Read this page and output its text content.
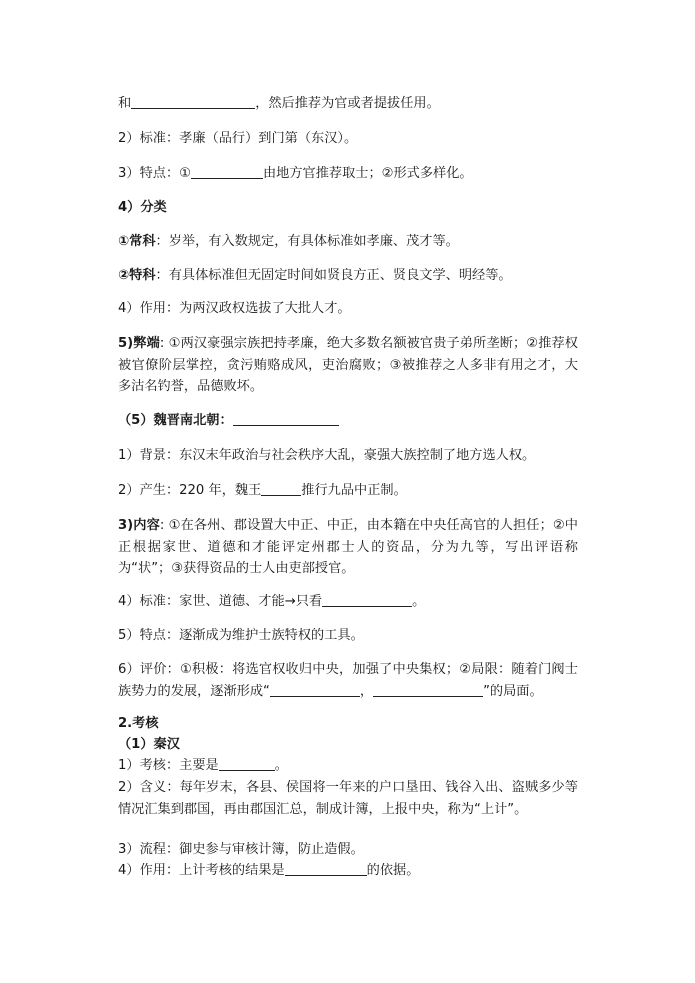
和	，然后推荐为官或者提拔任用。
2）标准：孝廉（品行）到门第（东汉）。
3）特点：①	由地方官推荐取士；②形式多样化。
4）分类
①常科：岁举，有入数规定，有具体标准如孝廉、茂才等。
②特科：有具体标准但无固定时间如贤良方正、贤良文学、明经等。
4）作用：为两汉政权选拔了大批人才。
5)弊端: ①两汉豪强宗族把持孝廉，绝大多数名额被官贵子弟所垄断；②推荐权被官僚阶层掌控，贪污贿赂成风，吏治腐败；③被推荐之人多非有用之才，大多沽名钓誉，品德败坏。
（5）魏晋南北朝：
1）背景：东汉末年政治与社会秩序大乱，豪强大族控制了地方选人权。
2）产生：220 年，魏王	推行九品中正制。
3)内容: ①在各州、郡设置大中正、中正，由本籍在中央任高官的人担任；②中正根据家世、道德和才能评定州郡士人的资品，分为九等，写出评语称为“状”；③获得资品的士人由吏部授官。
4）标准：家世、道德、才能→只看	。
5）特点：逐渐成为维护士族特权的工具。
6）评价：①积极：将选官权收归中央，加强了中央集权；②局限：随着门阀士族势力的发展，逐渐形成“	，	”的局面。
2.考核
（1）秦汉
1）考核：主要是	。
2）含义：每年岁末，各县、侯国将一年来的户口垦田、钱谷入出、盗贼多少等情况汇集到郡国，再由郡国汇总，制成计簿，上报中央，称为“上计”。
3）流程：御史参与审核计簿，防止造假。
4）作用：上计考核的结果是	的依据。
